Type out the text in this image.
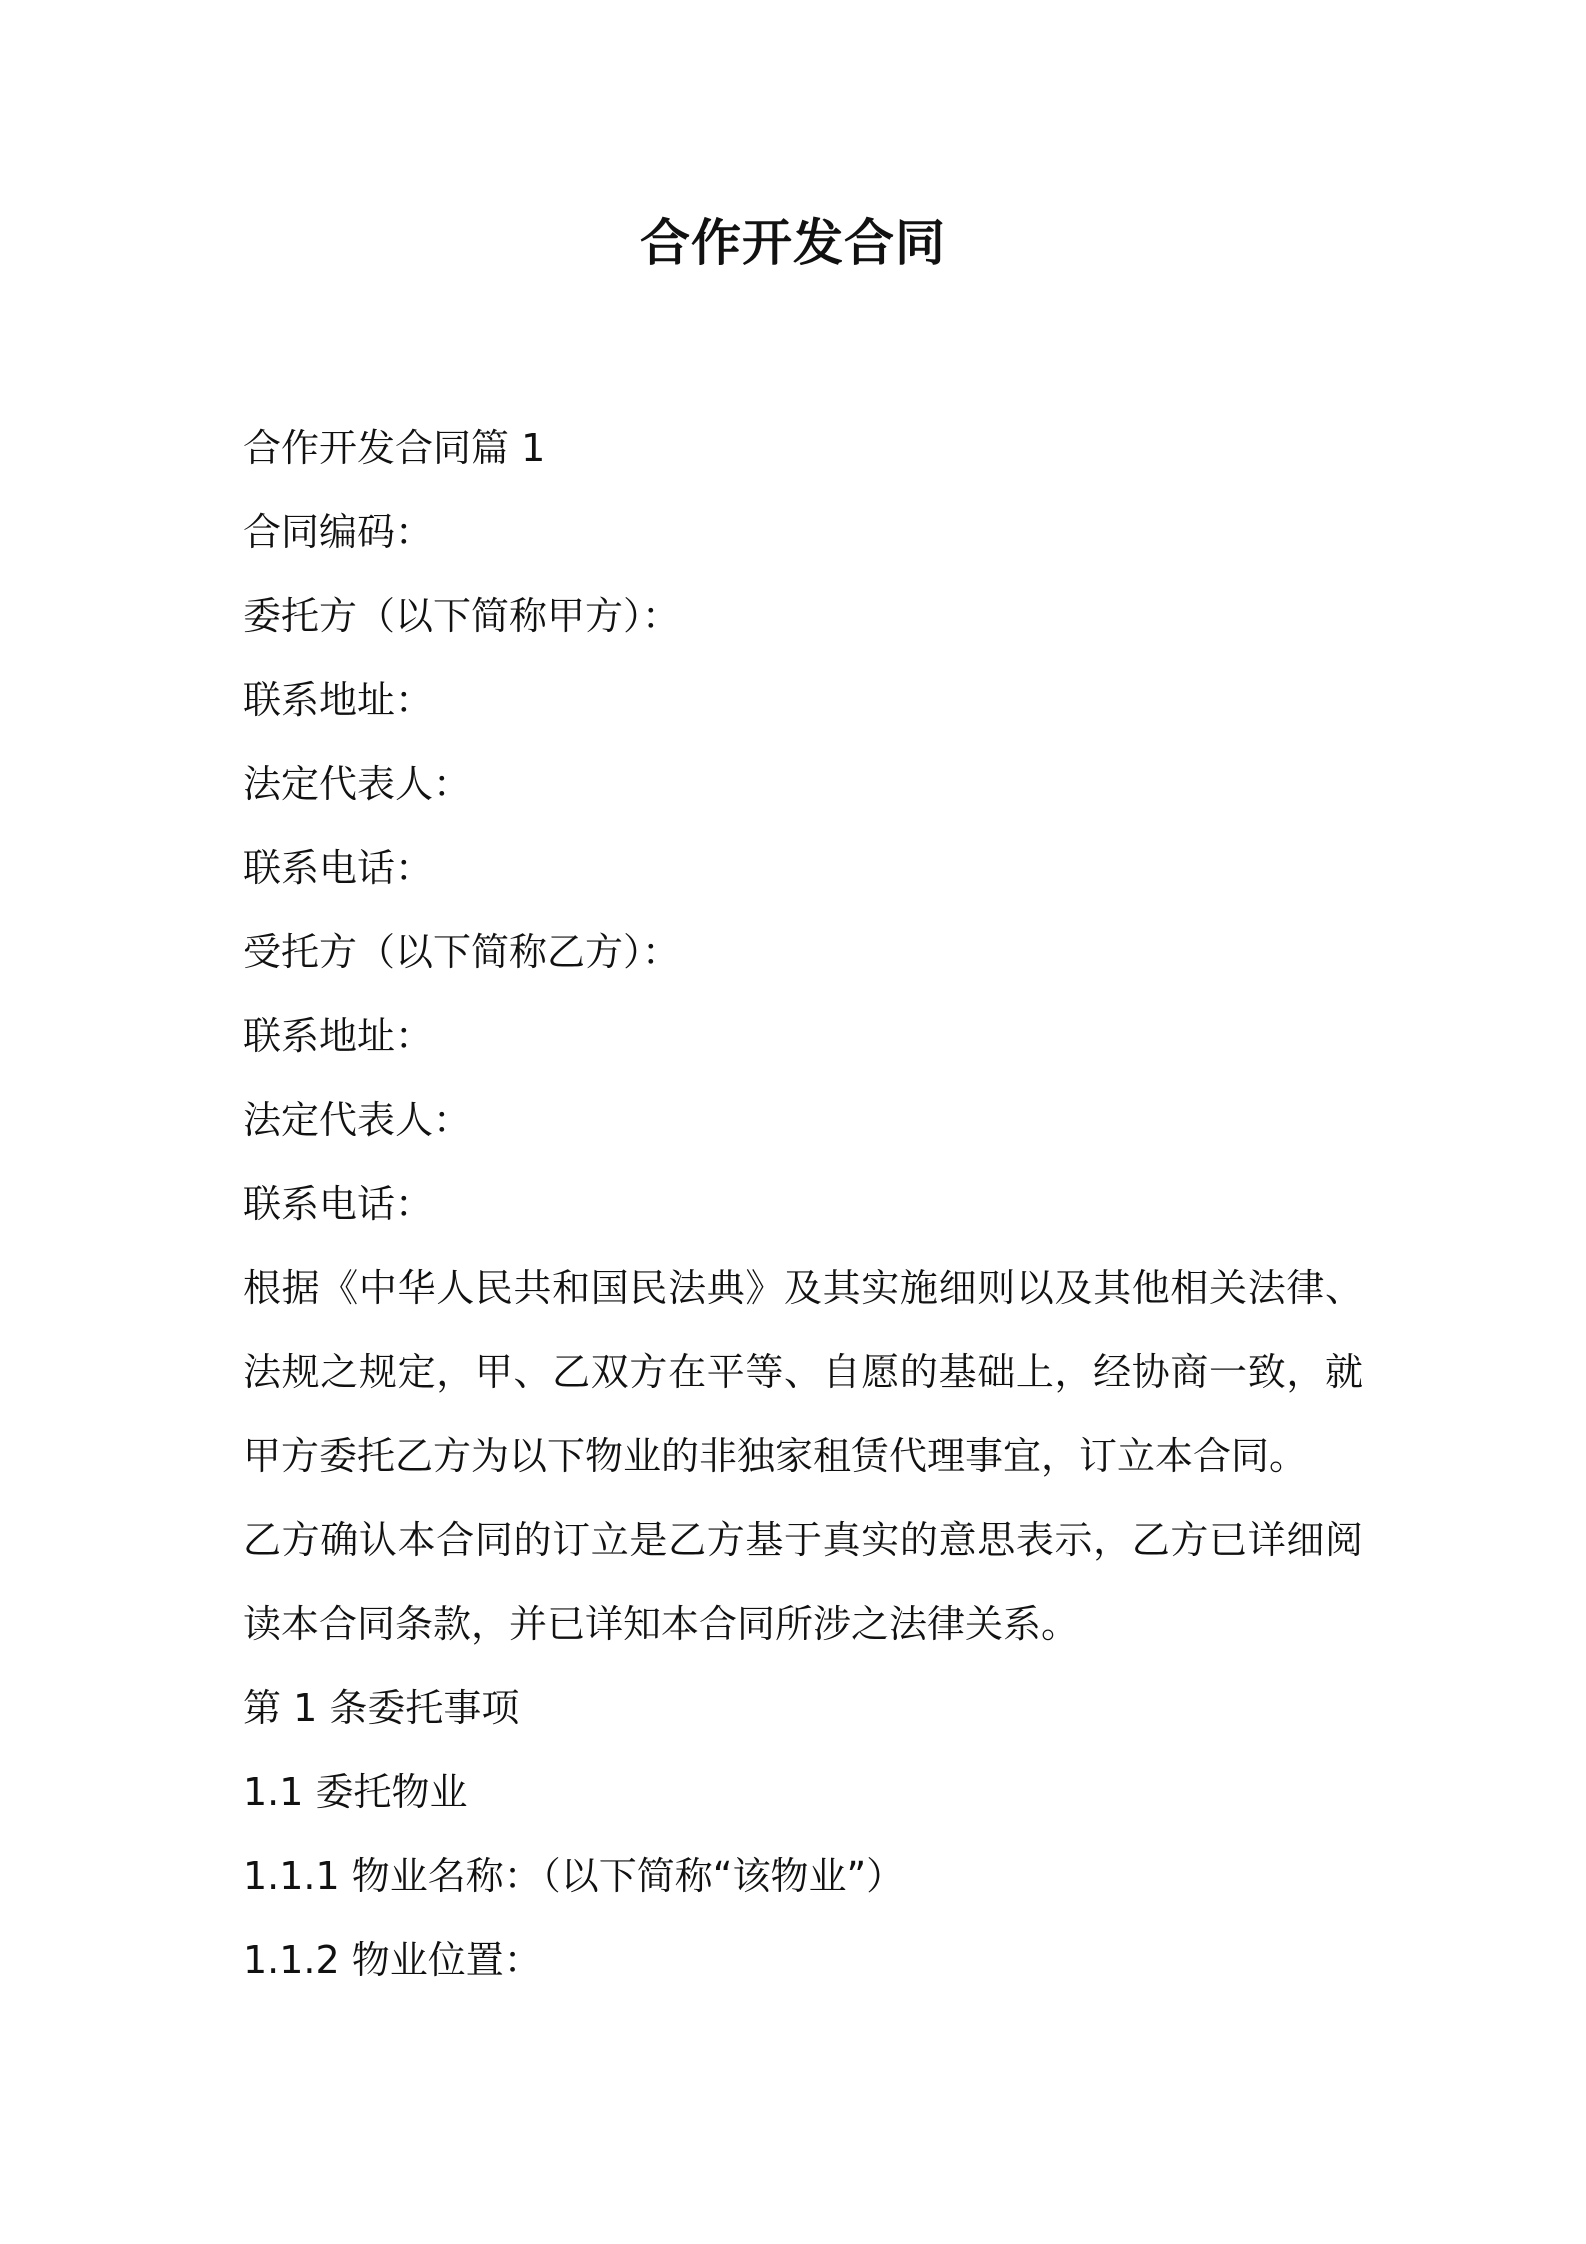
合作开发合同

合作开发合同篇 1

合同编码：

委托方（以下简称甲方）：

联系地址：

法定代表人：

联系电话：

受托方（以下简称乙方）：

联系地址：

法定代表人：

联系电话：

根据《中华人民共和国民法典》及其实施细则以及其他相关法律、法规之规定，甲、乙双方在平等、自愿的基础上，经协商一致，就甲方委托乙方为以下物业的非独家租赁代理事宜，订立本合同。

乙方确认本合同的订立是乙方基于真实的意思表示，乙方已详细阅读本合同条款，并已详知本合同所涉之法律关系。

第 1 条委托事项

1.1 委托物业

1.1.1 物业名称：（以下简称“该物业”）

1.1.2 物业位置：
